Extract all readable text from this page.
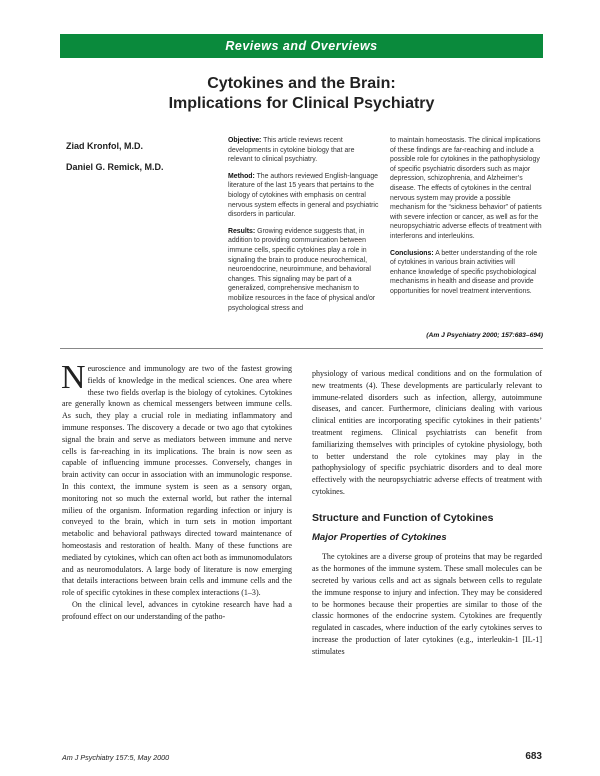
Reviews and Overviews
Cytokines and the Brain:
Implications for Clinical Psychiatry
Ziad Kronfol, M.D.
Daniel G. Remick, M.D.

Objective: This article reviews recent developments in cytokine biology that are relevant to clinical psychiatry.

Method: The authors reviewed English-language literature of the last 15 years that pertains to the biology of cytokines with emphasis on central nervous system effects in general and psychiatric disorders in particular.

Results: Growing evidence suggests that, in addition to providing communication between immune cells, specific cytokines play a role in signaling the brain to produce neurochemical, neuroendocrine, neuroimmune, and behavioral changes. This signaling may be part of a generalized, comprehensive mechanism to mobilize resources in the face of physical and/or psychological stress and

to maintain homeostasis. The clinical implications of these findings are far-reaching and include a possible role for cytokines in the pathophysiology of specific psychiatric disorders such as major depression, schizophrenia, and Alzheimer’s disease. The effects of cytokines in the central nervous system may provide a possible mechanism for the “sickness behavior” of patients with severe infection or cancer, as well as for the neuropsychiatric adverse effects of treatment with interferons and interleukins.

Conclusions: A better understanding of the role of cytokines in various brain activities will enhance knowledge of specific psychobiological mechanisms in health and disease and provide opportunities for novel treatment interventions.

(Am J Psychiatry 2000; 157:683–694)

Neuroscience and immunology are two of the fastest growing fields of knowledge in the medical sciences. One area where these two fields overlap is the biology of cytokines. Cytokines are generally known as chemical messengers between immune cells. As such, they play a crucial role in mediating inflammatory and immune responses. The discovery a decade or two ago that cytokines signal the brain and serve as mediators between immune and nerve cells is far-reaching in its implications. The brain is now seen as capable of influencing immune processes. Conversely, changes in brain activity can occur in association with an immunologic response. In this context, the immune system is seen as a sensory organ, monitoring not so much the external world, but rather the internal milieu of the organism. Information regarding infection or injury is conveyed to the brain, which in turn sets in motion important metabolic and behavioral pathways directed toward maintenance of homeostasis and restoration of health. Many of these functions are mediated by cytokines, which can often act both as immunomodulators and as neuromodulators. A large body of literature is now emerging that details interactions between brain cells and immune cells and the role of specific cytokines in these complex interactions (1–3).

On the clinical level, advances in cytokine research have had a profound effect on our understanding of the patho-

physiology of various medical conditions and on the formulation of new treatments (4). These developments are particularly relevant to immune-related disorders such as infection, allergy, autoimmune diseases, and cancer. Furthermore, clinicians dealing with various clinical entities are incorporating specific cytokines in their patients’ treatment regimens. Clinical psychiatrists can benefit from familiarizing themselves with principles of cytokine physiology, both to better understand the role cytokines may play in the pathophysiology of specific psychiatric disorders and to deal more effectively with the neuropsychiatric adverse effects of treatment with cytokines.

Structure and Function of Cytokines
Major Properties of Cytokines

The cytokines are a diverse group of proteins that may be regarded as the hormones of the immune system. These small molecules can be secreted by various cells and act as signals between cells to regulate the immune response to injury and infection. They may be considered to be hormones because their properties are similar to those of the classic hormones of the endocrine system. Cytokines are frequently regulated in cascades, where induction of the early cytokines serves to increase the production of later cytokines (e.g., interleukin-1 [IL-1] stimulates

Am J Psychiatry 157:5, May 2000	683
